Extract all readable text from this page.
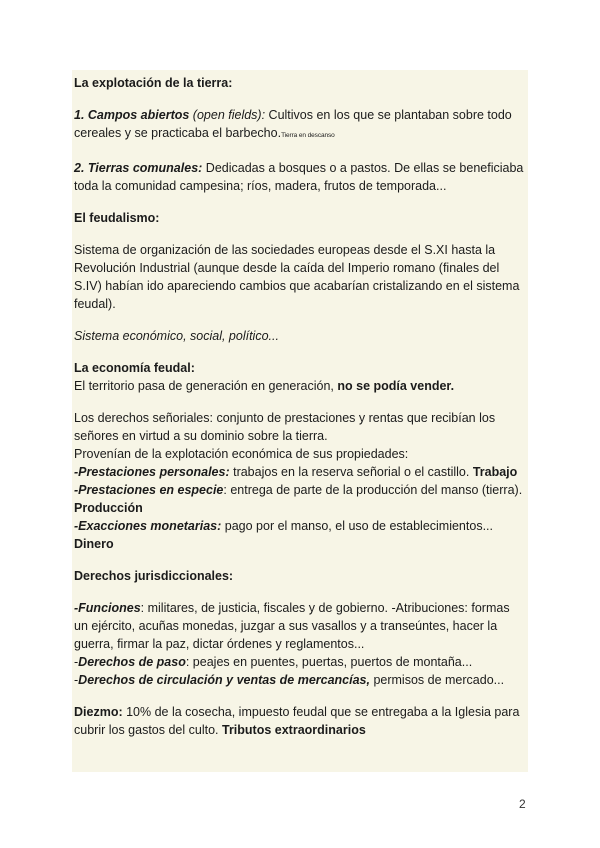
La explotación de la tierra:

1. Campos abiertos (open fields): Cultivos en los que se plantaban sobre todo cereales y se practicaba el barbecho.Tierra en descanso

2. Tierras comunales: Dedicadas a bosques o a pastos. De ellas se beneficiaba toda la comunidad campesina; ríos, madera, frutos de temporada...

El feudalismo:

Sistema de organización de las sociedades europeas desde el S.XI hasta la Revolución Industrial (aunque desde la caída del Imperio romano (finales del S.IV) habían ido apareciendo cambios que acabarían cristalizando en el sistema feudal).

Sistema económico, social, político...

La economía feudal:

El territorio pasa de generación en generación, no se podía vender.

Los derechos señoriales: conjunto de prestaciones y rentas que recibían los señores en virtud a su dominio sobre la tierra.
Provenían de la explotación económica de sus propiedades:
-Prestaciones personales: trabajos en la reserva señorial o el castillo. Trabajo
-Prestaciones en especie: entrega de parte de la producción del manso (tierra). Producción
-Exacciones monetarias: pago por el manso, el uso de establecimientos... Dinero

Derechos jurisdiccionales:

-Funciones: militares, de justicia, fiscales y de gobierno. -Atribuciones: formas un ejército, acuñas monedas, juzgar a sus vasallos y a transeúntes, hacer la guerra, firmar la paz, dictar órdenes y reglamentos...
-Derechos de paso: peajes en puentes, puertas, puertos de montaña...
-Derechos de circulación y ventas de mercancías, permisos de mercado...

Diezmo: 10% de la cosecha, impuesto feudal que se entregaba a la Iglesia para cubrir los gastos del culto. Tributos extraordinarios

2
